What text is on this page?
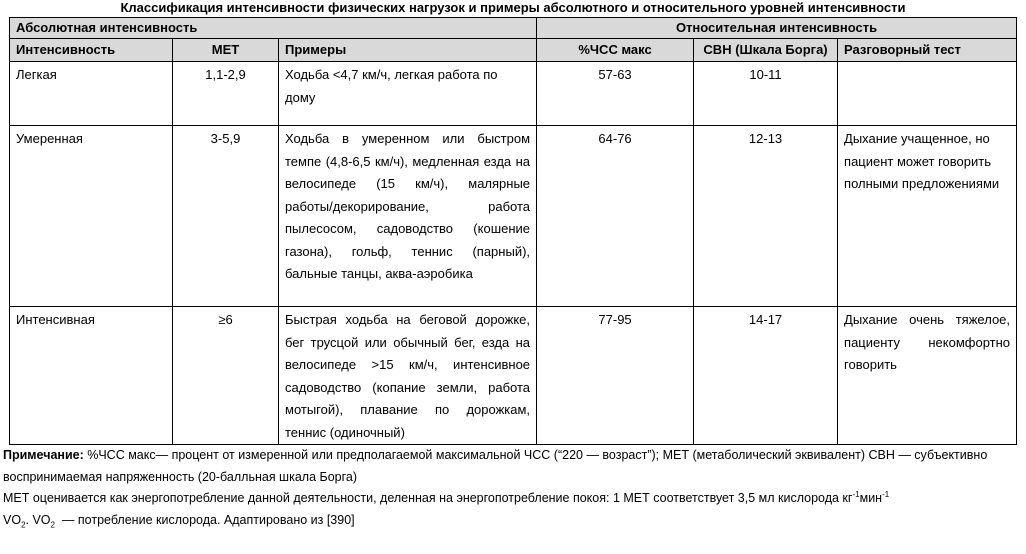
Классификация интенсивности физических нагрузок и примеры абсолютного и относительного уровней интенсивности
Абсолютная интенсивность			Относительная интенсивность		
Интенсивность	МЕТ	Примеры	%ЧСС макс	СВН (Шкала Борга)	Разговорный тест
Легкая	1,1-2,9	Ходьба <4,7 км/ч, легкая работа по дому	57-63	10-11	
Умеренная	3-5,9	Ходьба в умеренном или быстром темпе (4,8-6,5 км/ч), медленная езда на велосипеде (15 км/ч), малярные работы/декорирование, работа пылесосом, садоводство (кошение газона), гольф, теннис (парный), бальные танцы, аква-аэробика	64-76	12-13	Дыхание учащенное, но пациент может говорить полными предложениями
Интенсивная	≥6	Быстрая ходьба на беговой дорожке, бег трусцой или обычный бег, езда на велосипеде >15 км/ч, интенсивное садоводство (копание земли, работа мотыгой), плавание по дорожкам, теннис (одиночный)	77-95	14-17	Дыхание очень тяжелое, пациенту некомфортно говорить

Примечание: %ЧСС макс— процент от измеренной или предполагаемой максимальной ЧСС (“220 — возраст”); МЕТ (метаболический эквивалент) СВН — субъективно воспринимаемая напряженность (20-балльная шкала Борга)

МЕТ оценивается как энергопотребление данной деятельности, деленная на энергопотребление покоя: 1 МЕТ соответствует 3,5 мл кислорода $кг^{-1}мин^{-1}$

$VO_2$. $VO_2$  — потребление кислорода. Адаптировано из [390]
